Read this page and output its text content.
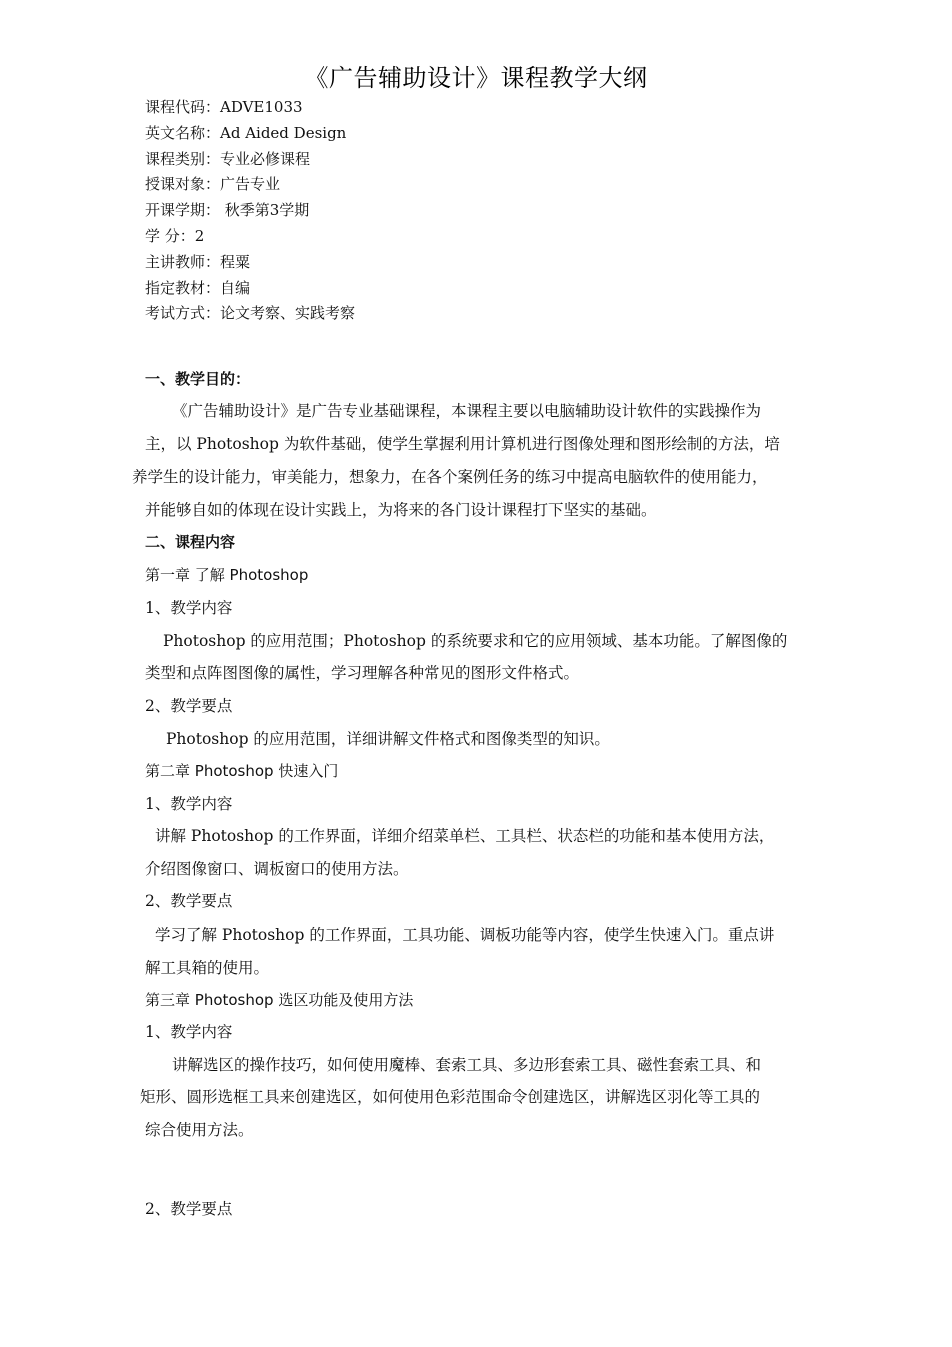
《广告辅助设计》课程教学大纲
课程代码：ADVE1033
英文名称：Ad Aided Design
课程类别：专业必修课程
授课对象：广告专业
开课学期： 秋季第3学期
学 分：2
主讲教师：程粟
指定教材：自编
考试方式：论文考察、实践考察
一、教学目的：
《广告辅助设计》是广告专业基础课程，本课程主要以电脑辅助设计软件的实践操作为
主，以 Photoshop 为软件基础，使学生掌握利用计算机进行图像处理和图形绘制的方法，培
养学生的设计能力，审美能力，想象力，在各个案例任务的练习中提高电脑软件的使用能力，
并能够自如的体现在设计实践上，为将来的各门设计课程打下坚实的基础。
二、课程内容
第一章 了解 Photoshop
1、教学内容
Photoshop 的应用范围；Photoshop 的系统要求和它的应用领域、基本功能。了解图像的
类型和点阵图图像的属性，学习理解各种常见的图形文件格式。
2、教学要点
Photoshop 的应用范围，详细讲解文件格式和图像类型的知识。
第二章 Photoshop 快速入门
1、教学内容
讲解 Photoshop 的工作界面，详细介绍菜单栏、工具栏、状态栏的功能和基本使用方法，
介绍图像窗口、调板窗口的使用方法。
2、教学要点
学习了解 Photoshop 的工作界面，工具功能、调板功能等内容，使学生快速入门。重点讲
解工具箱的使用。
第三章 Photoshop 选区功能及使用方法
1、教学内容
讲解选区的操作技巧，如何使用魔棒、套索工具、多边形套索工具、磁性套索工具、和
矩形、圆形选框工具来创建选区，如何使用色彩范围命令创建选区，讲解选区羽化等工具的
综合使用方法。
2、教学要点
